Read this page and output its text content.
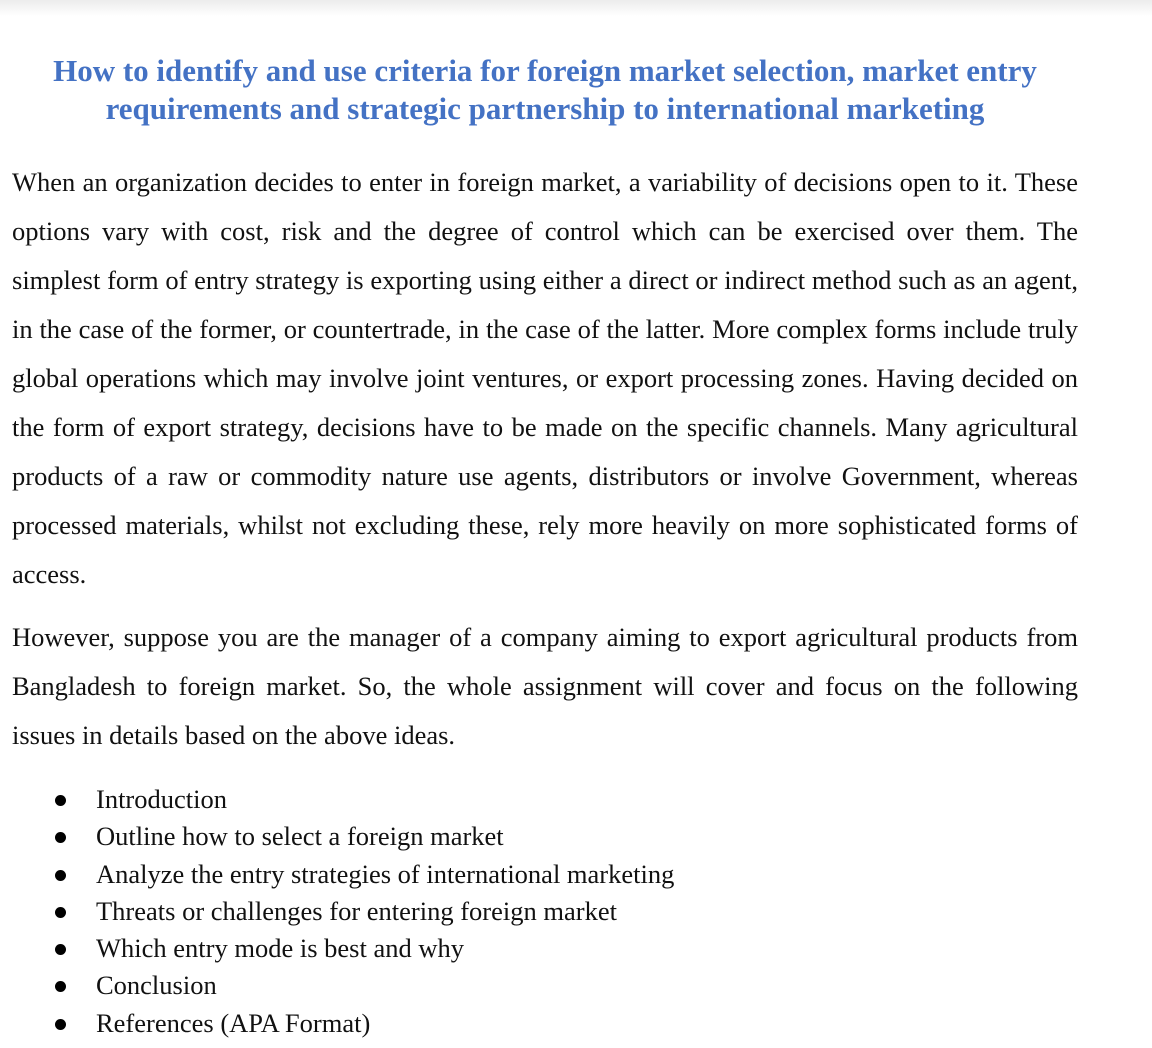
How to identify and use criteria for foreign market selection, market entry
requirements and strategic partnership to international marketing

When an organization decides to enter in foreign market, a variability of decisions open to it. These options vary with cost, risk and the degree of control which can be exercised over them. The simplest form of entry strategy is exporting using either a direct or indirect method such as an agent, in the case of the former, or countertrade, in the case of the latter. More complex forms include truly global operations which may involve joint ventures, or export processing zones. Having decided on the form of export strategy, decisions have to be made on the specific channels. Many agricultural products of a raw or commodity nature use agents, distributors or involve Government, whereas processed materials, whilst not excluding these, rely more heavily on more sophisticated forms of access.

However, suppose you are the manager of a company aiming to export agricultural products from Bangladesh to foreign market. So, the whole assignment will cover and focus on the following issues in details based on the above ideas.

Introduction
Outline how to select a foreign market
Analyze the entry strategies of international marketing
Threats or challenges for entering foreign market
Which entry mode is best and why
Conclusion
References (APA Format)
